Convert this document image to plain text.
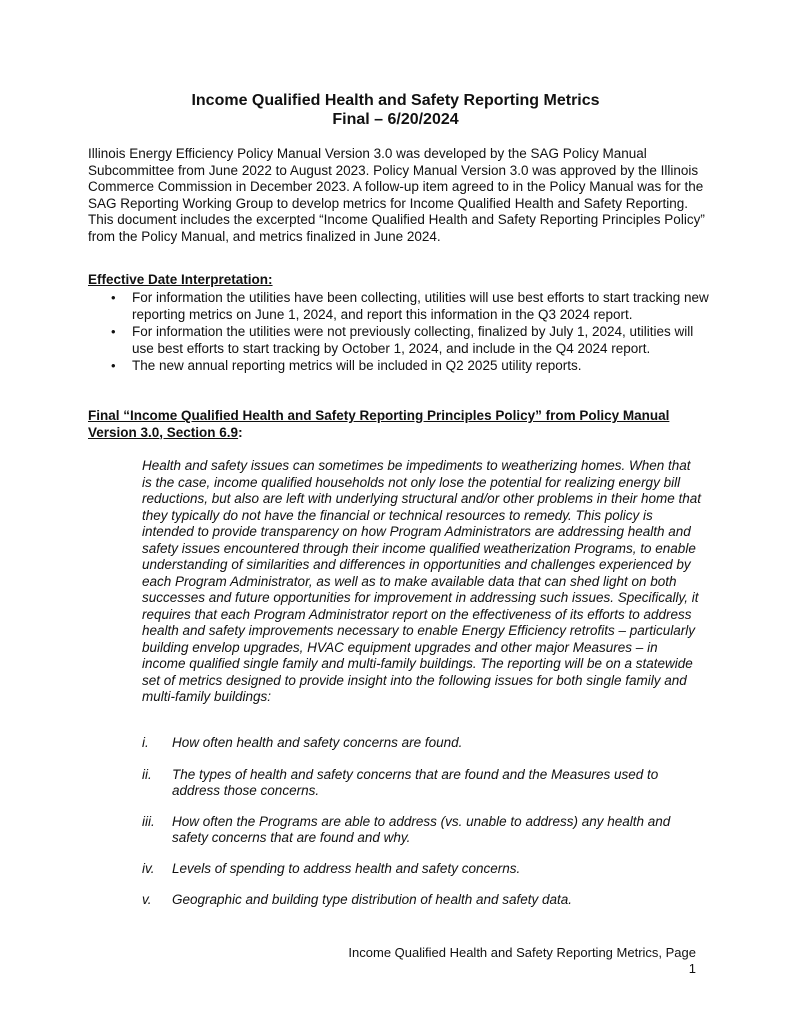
Income Qualified Health and Safety Reporting Metrics
Final – 6/20/2024

Illinois Energy Efficiency Policy Manual Version 3.0 was developed by the SAG Policy Manual Subcommittee from June 2022 to August 2023. Policy Manual Version 3.0 was approved by the Illinois Commerce Commission in December 2023. A follow-up item agreed to in the Policy Manual was for the SAG Reporting Working Group to develop metrics for Income Qualified Health and Safety Reporting. This document includes the excerpted “Income Qualified Health and Safety Reporting Principles Policy” from the Policy Manual, and metrics finalized in June 2024.

Effective Date Interpretation:
• For information the utilities have been collecting, utilities will use best efforts to start tracking new reporting metrics on June 1, 2024, and report this information in the Q3 2024 report.
• For information the utilities were not previously collecting, finalized by July 1, 2024, utilities will use best efforts to start tracking by October 1, 2024, and include in the Q4 2024 report.
• The new annual reporting metrics will be included in Q2 2025 utility reports.
Final “Income Qualified Health and Safety Reporting Principles Policy” from Policy Manual Version 3.0, Section 6.9:

Health and safety issues can sometimes be impediments to weatherizing homes. When that is the case, income qualified households not only lose the potential for realizing energy bill reductions, but also are left with underlying structural and/or other problems in their home that they typically do not have the financial or technical resources to remedy. This policy is intended to provide transparency on how Program Administrators are addressing health and safety issues encountered through their income qualified weatherization Programs, to enable understanding of similarities and differences in opportunities and challenges experienced by each Program Administrator, as well as to make available data that can shed light on both successes and future opportunities for improvement in addressing such issues. Specifically, it requires that each Program Administrator report on the effectiveness of its efforts to address health and safety improvements necessary to enable Energy Efficiency retrofits – particularly building envelop upgrades, HVAC equipment upgrades and other major Measures – in income qualified single family and multi-family buildings. The reporting will be on a statewide set of metrics designed to provide insight into the following issues for both single family and multi-family buildings:

i. How often health and safety concerns are found.
ii. The types of health and safety concerns that are found and the Measures used to address those concerns.
iii. How often the Programs are able to address (vs. unable to address) any health and safety concerns that are found and why.
iv. Levels of spending to address health and safety concerns.
v. Geographic and building type distribution of health and safety data.
Income Qualified Health and Safety Reporting Metrics, Page 1
